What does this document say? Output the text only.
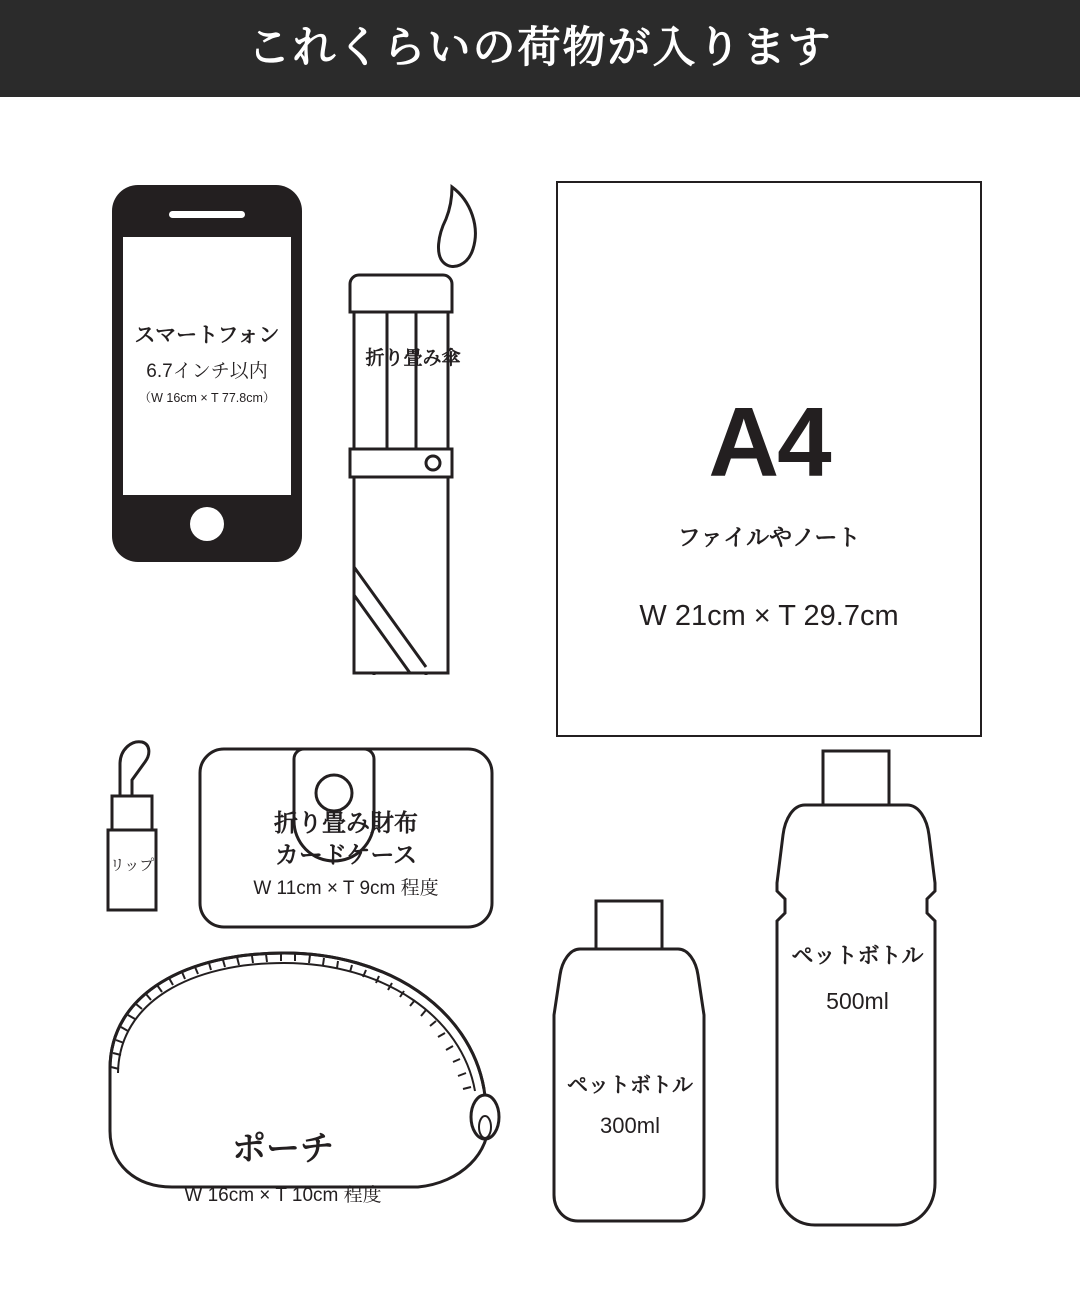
これくらいの荷物が入ります
スマートフォン
6.7インチ以内
（W 16cm × T 77.8cm）
折り畳み傘
A4
ファイルやノート
W 21cm × T 29.7cm
リップ
折り畳み財布
カードケース
W 11cm × T 9cm 程度
ポーチ
W 16cm × T 10cm 程度
ペットボトル
300ml
ペットボトル
500ml
